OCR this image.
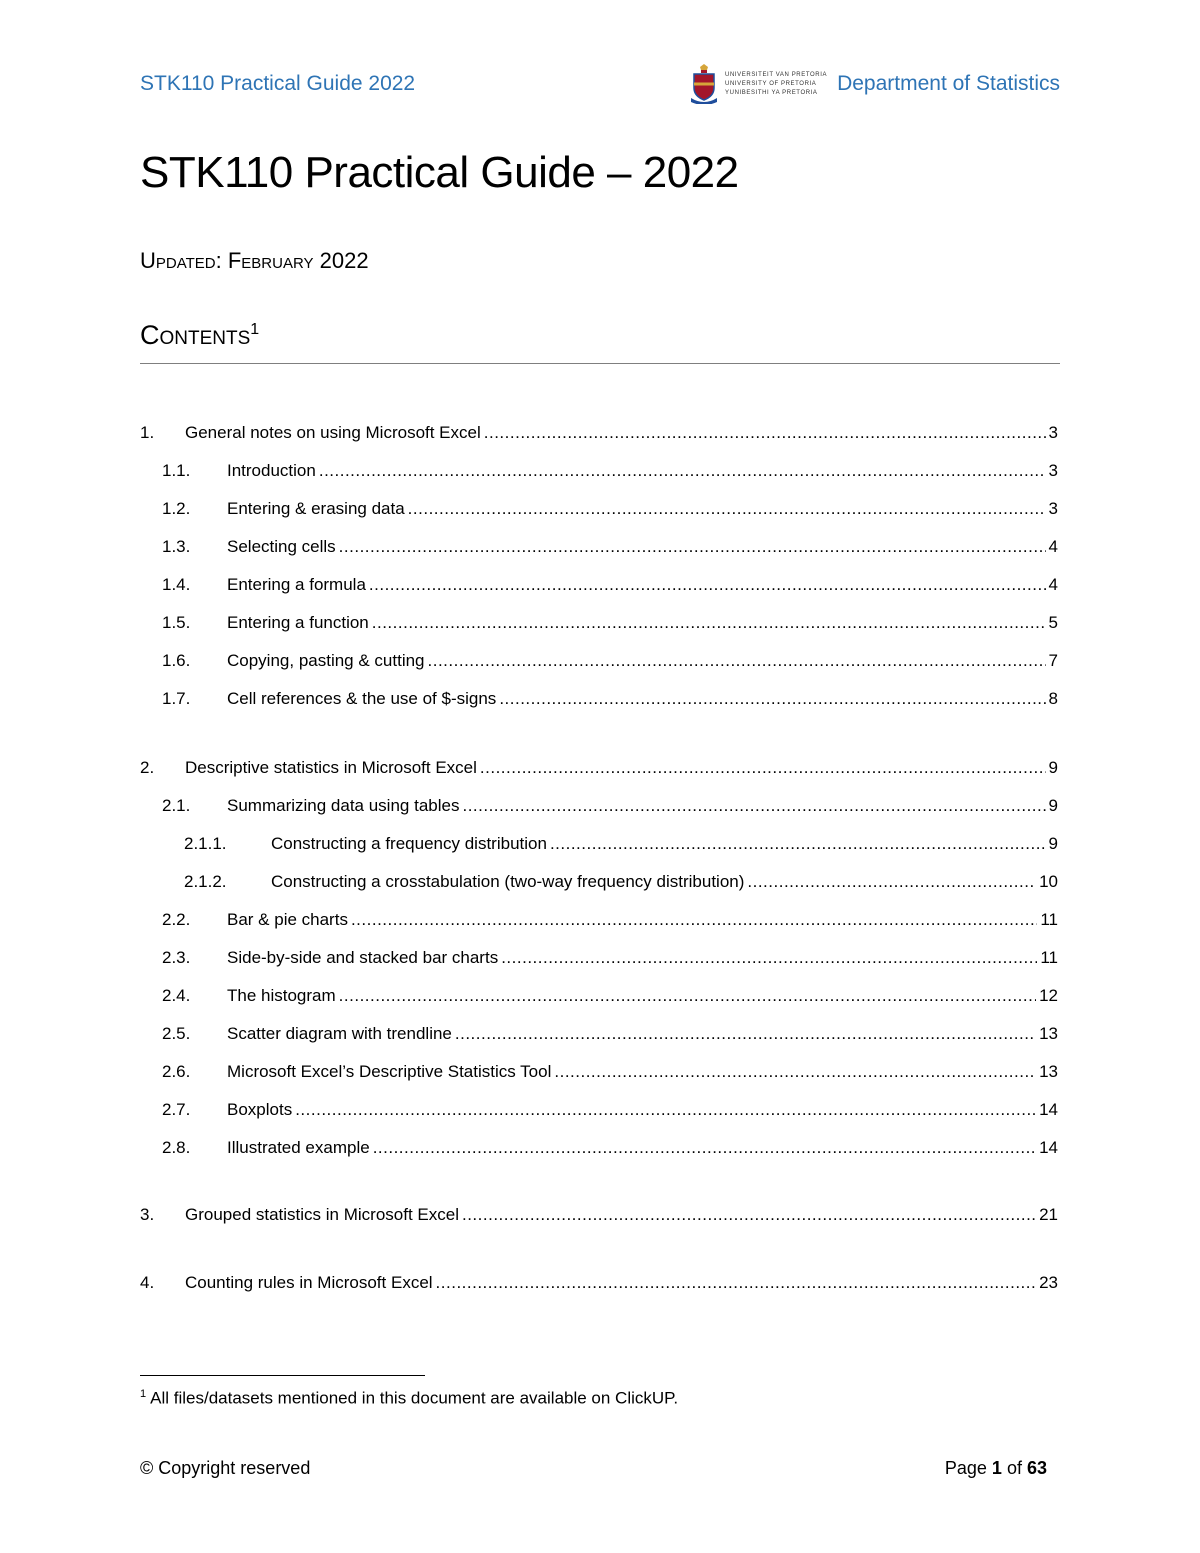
STK110 Practical Guide 2022	UNIVERSITEIT VAN PRETORIA
UNIVERSITY OF PRETORIA
YUNIBESITHI YA PRETORIA Department of Statistics
STK110 Practical Guide – 2022
Updated: February 2022
Contents$^1$
1.	General notes on using Microsoft Excel .....	3
1.1.	Introduction .....	3
1.2.	Entering & erasing data .....	3
1.3.	Selecting cells .....	4
1.4.	Entering a formula .....	4
1.5.	Entering a function .....	5
1.6.	Copying, pasting & cutting .....	7
1.7.	Cell references & the use of $-signs .....	8
2.	Descriptive statistics in Microsoft Excel .....	9
2.1.	Summarizing data using tables .....	9
2.1.1.	Constructing a frequency distribution .....	9
2.1.2.	Constructing a crosstabulation (two-way frequency distribution) .....	10
2.2.	Bar & pie charts .....	11
2.3.	Side-by-side and stacked bar charts .....	11
2.4.	The histogram .....	12
2.5.	Scatter diagram with trendline .....	13
2.6.	Microsoft Excel’s Descriptive Statistics Tool .....	13
2.7.	Boxplots .....	14
2.8.	Illustrated example .....	14
3.	Grouped statistics in Microsoft Excel .....	21
4.	Counting rules in Microsoft Excel .....	23
$^1$ All files/datasets mentioned in this document are available on ClickUP.
© Copyright reserved	Page 1 of 63
